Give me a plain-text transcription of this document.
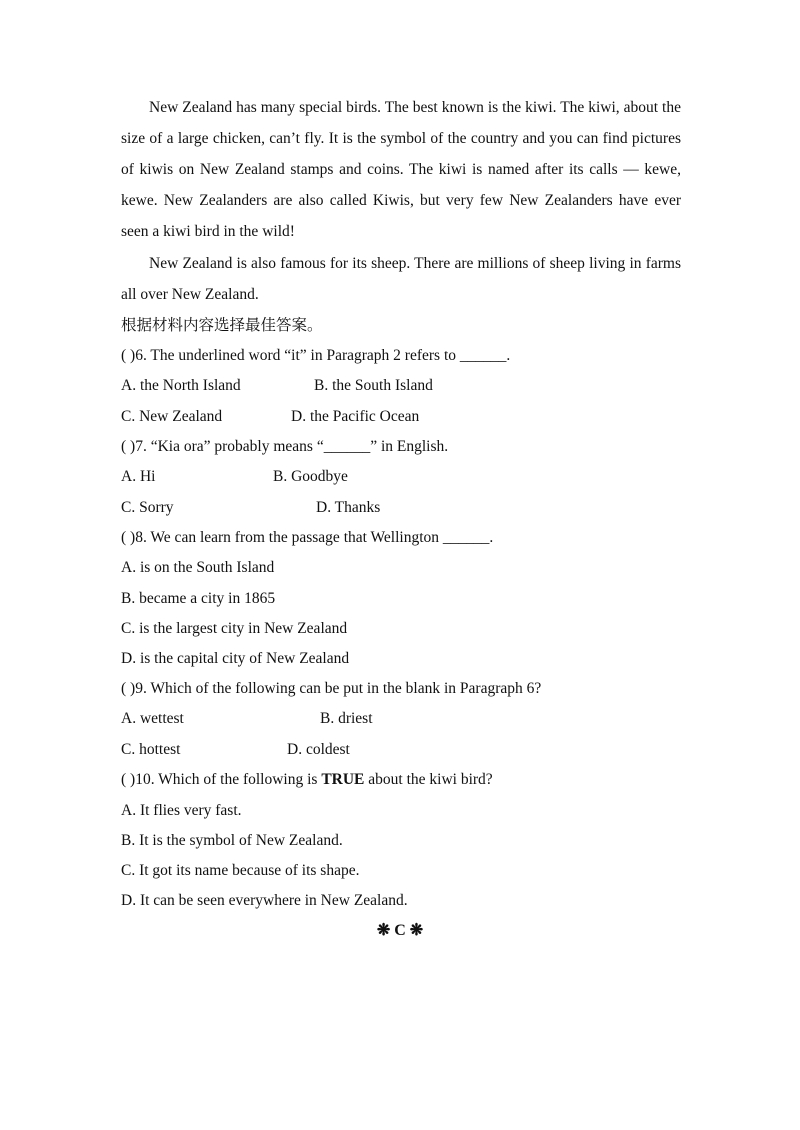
New Zealand has many special birds. The best known is the kiwi. The kiwi, about the size of a large chicken, can’t fly. It is the symbol of the country and you can find pictures of kiwis on New Zealand stamps and coins. The kiwi is named after its calls — kewe, kewe. New Zealanders are also called Kiwis, but very few New Zealanders have ever seen a kiwi bird in the wild!

New Zealand is also famous for its sheep. There are millions of sheep living in farms all over New Zealand.

根据材料内容选择最佳答案。
( )6. The underlined word “it” in Paragraph 2 refers to ______.
A. the North Island	B. the South Island
C. New Zealand	D. the Pacific Ocean
( )7. “Kia ora” probably means “______” in English.
A. Hi	B. Goodbye
C. Sorry	D. Thanks
( )8. We can learn from the passage that Wellington ______.
A. is on the South Island
B. became a city in 1865
C. is the largest city in New Zealand
D. is the capital city of New Zealand
( )9. Which of the following can be put in the blank in Paragraph 6?
A. wettest	B. driest
C. hottest	D. coldest
( )10. Which of the following is TRUE about the kiwi bird?
A. It flies very fast.
B. It is the symbol of New Zealand.
C. It got its name because of its shape.
D. It can be seen everywhere in New Zealand.
❋ C ❋
